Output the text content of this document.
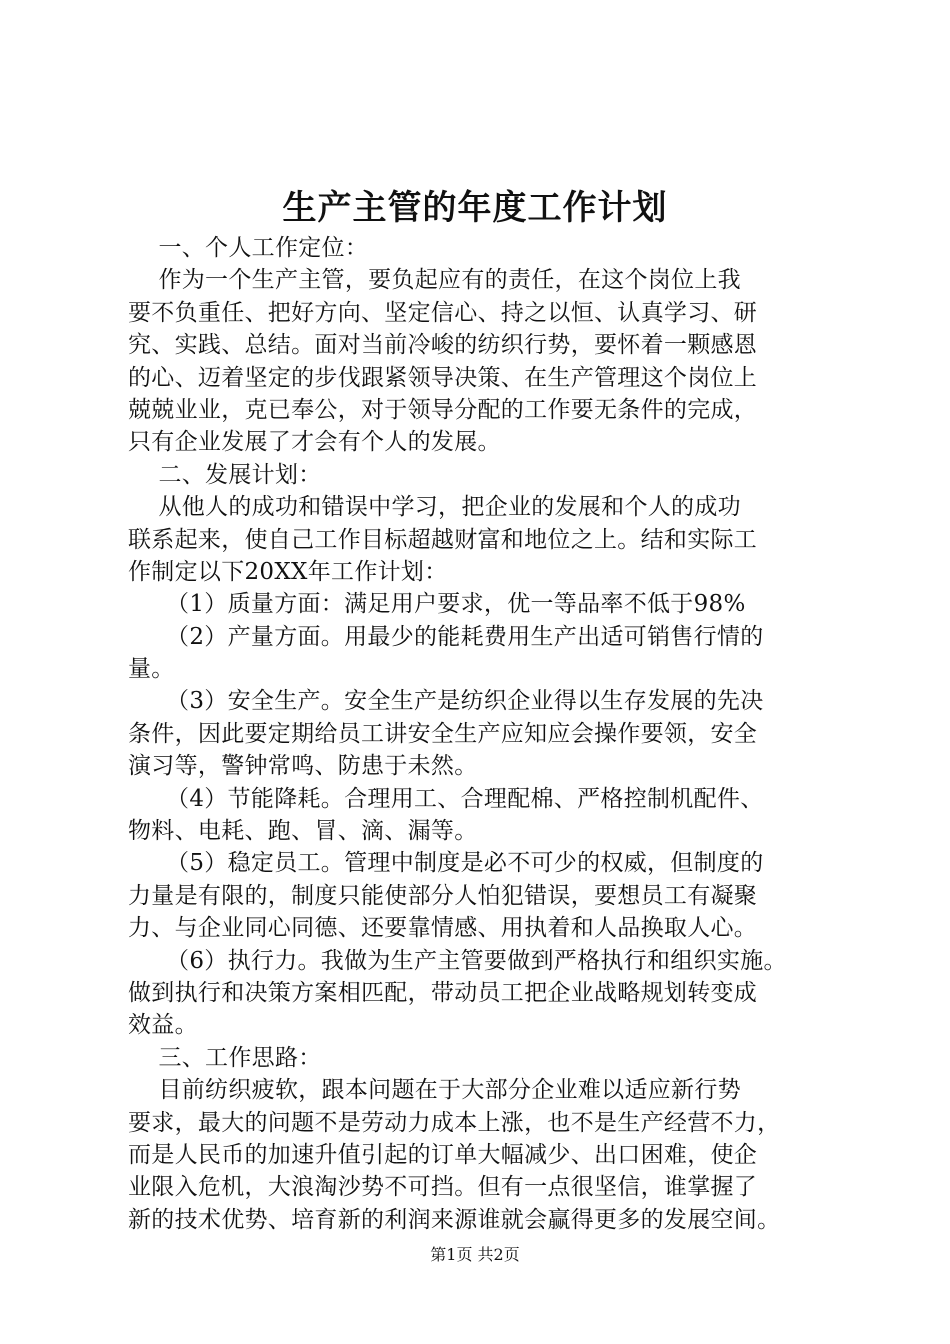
生产主管的年度工作计划
一、个人工作定位：
作为一个生产主管，要负起应有的责任，在这个岗位上我
要不负重任、把好方向、坚定信心、持之以恒、认真学习、研
究、实践、总结。面对当前冷峻的纺织行势，要怀着一颗感恩
的心、迈着坚定的步伐跟紧领导决策、在生产管理这个岗位上
兢兢业业，克已奉公，对于领导分配的工作要无条件的完成，
只有企业发展了才会有个人的发展。
二、发展计划：
从他人的成功和错误中学习，把企业的发展和个人的成功
联系起来，使自己工作目标超越财富和地位之上。结和实际工
作制定以下20XX年工作计划：
（1）质量方面：满足用户要求，优一等品率不低于98%
（2）产量方面。用最少的能耗费用生产出适可销售行情的
量。
（3）安全生产。安全生产是纺织企业得以生存发展的先决
条件，因此要定期给员工讲安全生产应知应会操作要领，安全
演习等，警钟常鸣、防患于未然。
（4）节能降耗。合理用工、合理配棉、严格控制机配件、
物料、电耗、跑、冒、滴、漏等。
（5）稳定员工。管理中制度是必不可少的权威，但制度的
力量是有限的，制度只能使部分人怕犯错误，要想员工有凝聚
力、与企业同心同德、还要靠情感、用执着和人品换取人心。
（6）执行力。我做为生产主管要做到严格执行和组织实施。
做到执行和决策方案相匹配，带动员工把企业战略规划转变成
效益。
三、工作思路：
目前纺织疲软，跟本问题在于大部分企业难以适应新行势
要求，最大的问题不是劳动力成本上涨，也不是生产经营不力，
而是人民币的加速升值引起的订单大幅减少、出口困难，使企
业限入危机，大浪淘沙势不可挡。但有一点很坚信，谁掌握了
新的技术优势、培育新的利润来源谁就会赢得更多的发展空间。
第1页 共2页
